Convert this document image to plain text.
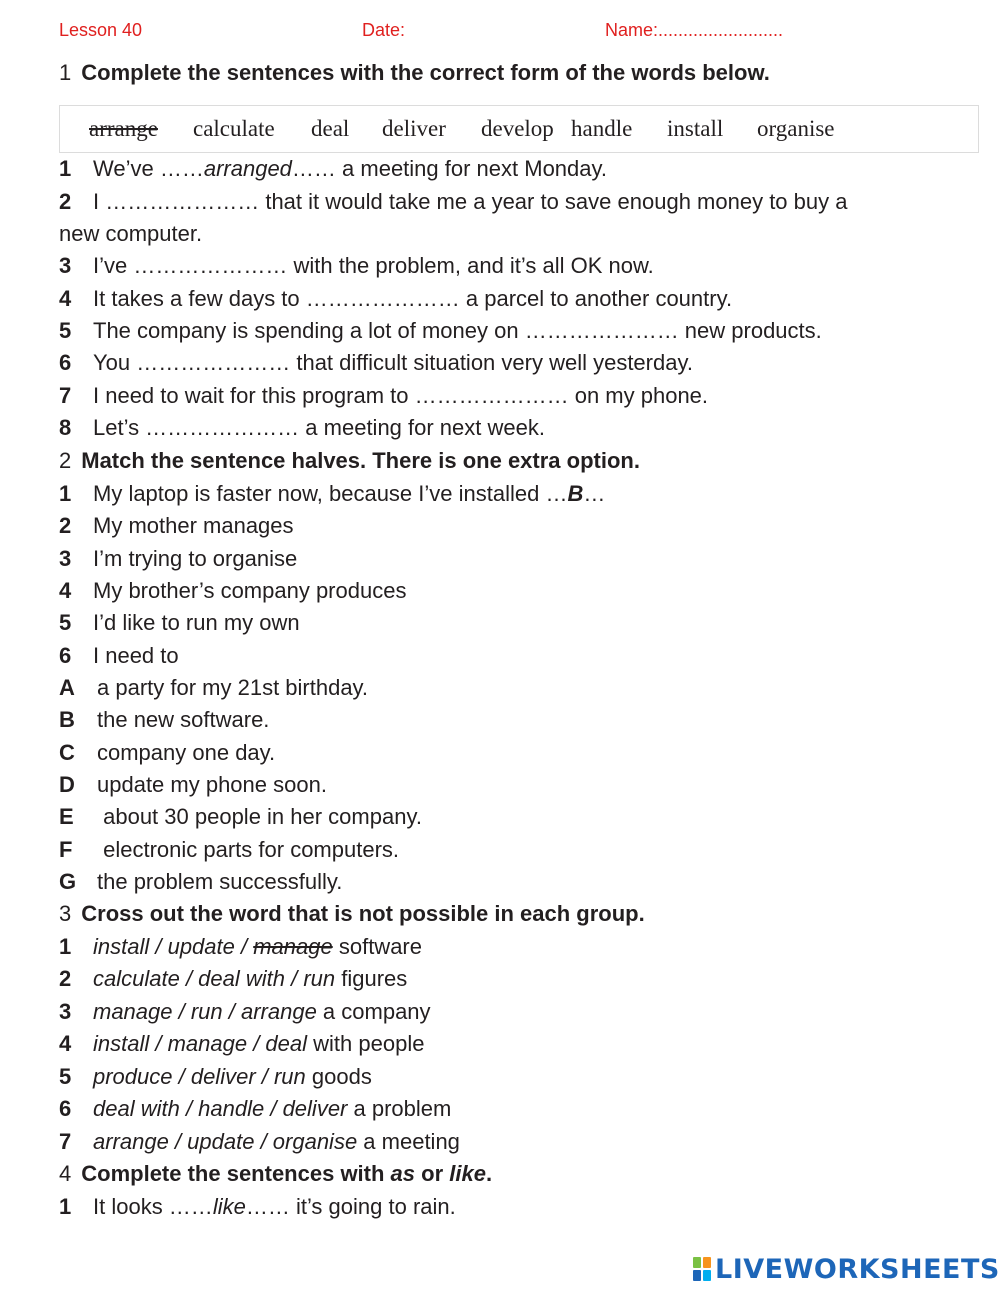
Lesson 40	Date:	Name:.........................
1 Complete the sentences with the correct form of the words below.
arrange calculate deal deliver develop handle install organise
1 We’ve ……arranged…… a meeting for next Monday.
2 I ………………… that it would take me a year to save enough money to buy a
new computer.
3 I’ve ………………… with the problem, and it’s all OK now.
4 It takes a few days to ………………… a parcel to another country.
5 The company is spending a lot of money on ………………… new products.
6 You ………………… that difficult situation very well yesterday.
7 I need to wait for this program to ………………… on my phone.
8 Let’s ………………… a meeting for next week.
2 Match the sentence halves. There is one extra option.
1 My laptop is faster now, because I’ve installed …B…
2 My mother manages
3 I’m trying to organise
4 My brother’s company produces
5 I’d like to run my own
6 I need to
A a party for my 21st birthday.
B the new software.
C company one day.
D update my phone soon.
E about 30 people in her company.
F electronic parts for computers.
G the problem successfully.
3 Cross out the word that is not possible in each group.
1 install / update / manage software
2 calculate / deal with / run figures
3 manage / run / arrange a company
4 install / manage / deal with people
5 produce / deliver / run goods
6 deal with / handle / deliver a problem
7 arrange / update / organise a meeting
4 Complete the sentences with as or like.
1 It looks ……like…… it’s going to rain.
LIVEWORKSHEETS
